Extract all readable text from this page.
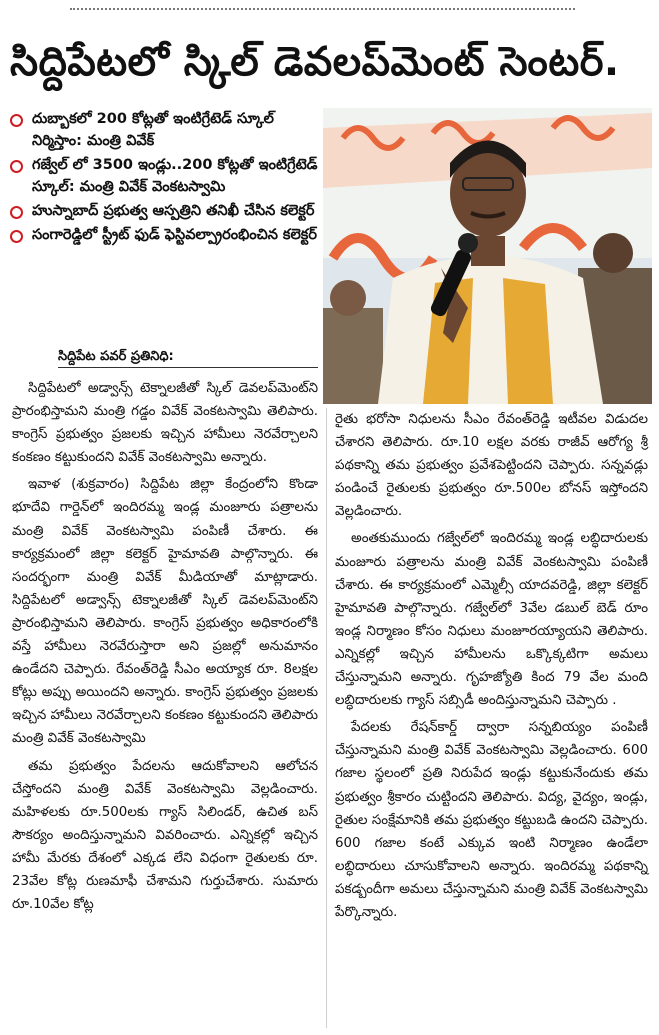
సిద్దిపేటలో స్కిల్ డెవలప్‌మెంట్ సెంటర్.
దుబ్బాకలో 200 కోట్లతో ఇంటిగ్రేటెడ్ స్కూల్ నిర్మిస్తాం: మంత్రి వివేక్
గజ్వేల్ లో 3500 ఇండ్లు..200 కోట్లతో ఇంటిగ్రేటెడ్ స్కూల్: మంత్రి వివేక్ వెంకటస్వామి
హుస్నాబాద్ ప్రభుత్వ ఆస్పత్రిని తనిఖీ చేసిన కలెక్టర్
సంగారెడ్డిలో స్ట్రీట్ ఫుడ్ ఫెస్టివల్ప్రారంభించిన కలెక్టర్
సిద్దిపేట పవర్ ప్రతినిధి:

సిద్దిపేటలో అడ్వాన్స్ టెక్నాలజీతో స్కిల్ డెవలప్‌మెంట్‌ని ప్రారంభిస్తామని మంత్రి గడ్డం వివేక్ వెంకటస్వామి తెలిపారు. కాంగ్రెస్ ప్రభుత్వం ప్రజలకు ఇచ్చిన హామీలు నెరవేర్చాలని కంకణం కట్టుకుందని వివేక్ వెంకటస్వామి అన్నారు.

ఇవాళ (శుక్రవారం) సిద్దిపేట జిల్లా కేంద్రంలోని కొండా భూదేవి గార్డెన్‌లో ఇందిరమ్మ ఇండ్ల మంజూరు పత్రాలను మంత్రి వివేక్ వెంకటస్వామి పంపిణీ చేశారు. ఈ కార్యక్రమంలో జిల్లా కలెక్టర్ హైమావతి పాల్గొన్నారు. ఈ సందర్భంగా మంత్రి వివేక్ మీడియాతో మాట్లాడారు. సిద్దిపేటలో అడ్వాన్స్ టెక్నాలజీతో స్కిల్ డెవలప్‌మెంట్‌ని ప్రారంభిస్తామని తెలిపారు. కాంగ్రెస్ ప్రభుత్వం అధికారంలోకి వస్తే హామీలు నెరవేరుస్తారా అని ప్రజల్లో అనుమానం ఉండేదని చెప్పారు. రేవంత్‌రెడ్డి సీఎం అయ్యాక రూ. 8లక్షల కోట్లు అప్పు అయిందని అన్నారు. కాంగ్రెస్ ప్రభుత్వం ప్రజలకు ఇచ్చిన హామీలు నెరవేర్చాలని కంకణం కట్టుకుందని తెలిపారు మంత్రి వివేక్ వెంకటస్వామి

తమ ప్రభుత్వం పేదలను ఆదుకోవాలని ఆలోచన చేస్తోందని మంత్రి వివేక్ వెంకటస్వామి వెల్లడించారు. మహిళలకు రూ.500లకు గ్యాస్ సిలిండర్, ఉచిత బస్ సౌకర్యం అందిస్తున్నామని వివరించారు. ఎన్నికల్లో ఇచ్చిన హామీ మేరకు దేశంలో ఎక్కడ లేని విధంగా రైతులకు రూ. 23వేల కోట్ల రుణమాఫీ చేశామని గుర్తుచేశారు. సుమారు రూ.10వేల కోట్ల

రైతు భరోసా నిధులను సీఎం రేవంత్‌రెడ్డి ఇటీవల విడుదల చేశారని తెలిపారు. రూ.10 లక్షల వరకు రాజీవ్ ఆరోగ్య శ్రీ పథకాన్ని తమ ప్రభుత్వం ప్రవేశపెట్టిందని చెప్పారు. సన్నవడ్లు పండించే రైతులకు ప్రభుత్వం రూ.500ల బోనస్ ఇస్తోందని వెల్లడించారు.

అంతకుముందు గజ్వేల్‌లో ఇందిరమ్మ ఇండ్ల లబ్ధిదారులకు మంజూరు పత్రాలను మంత్రి వివేక్ వెంకటస్వామి పంపిణీ చేశారు. ఈ కార్యక్రమంలో ఎమ్మెల్సీ యాదవరెడ్డి, జిల్లా కలెక్టర్ హైమావతి పాల్గొన్నారు. గజ్వేల్‌లో 3వేల డబుల్ బెడ్ రూం ఇండ్ల నిర్మాణం కోసం నిధులు మంజూరయ్యాయని తెలిపారు. ఎన్నికల్లో ఇచ్చిన హామీలను ఒక్కొక్కటిగా అమలు చేస్తున్నామని అన్నారు. గృహజ్యోతి కింద 79 వేల మంది లబ్ధిదారులకు గ్యాస్ సబ్సిడీ అందిస్తున్నామని చెప్పారు .

పేదలకు రేషన్‌కార్డ్ ద్వారా సన్నబియ్యం పంపిణీ చేస్తున్నామని మంత్రి వివేక్ వెంకటస్వామి వెల్లడించారు. 600 గజాల స్థలంలో ప్రతి నిరుపేద ఇండ్లు కట్టుకునేందుకు తమ ప్రభుత్వం శ్రీకారం చుట్టిందని తెలిపారు. విద్య, వైద్యం, ఇండ్లు, రైతుల సంక్షేమానికి తమ ప్రభుత్వం కట్టుబడి ఉందని చెప్పారు. 600 గజాల కంటే ఎక్కువ ఇంటి నిర్మాణం ఉండేలా లబ్ధిదారులు చూసుకోవాలని అన్నారు. ఇందిరమ్మ పథకాన్ని పకడ్బందీగా అమలు చేస్తున్నామని మంత్రి వివేక్ వెంకటస్వామి పేర్కొన్నారు.
